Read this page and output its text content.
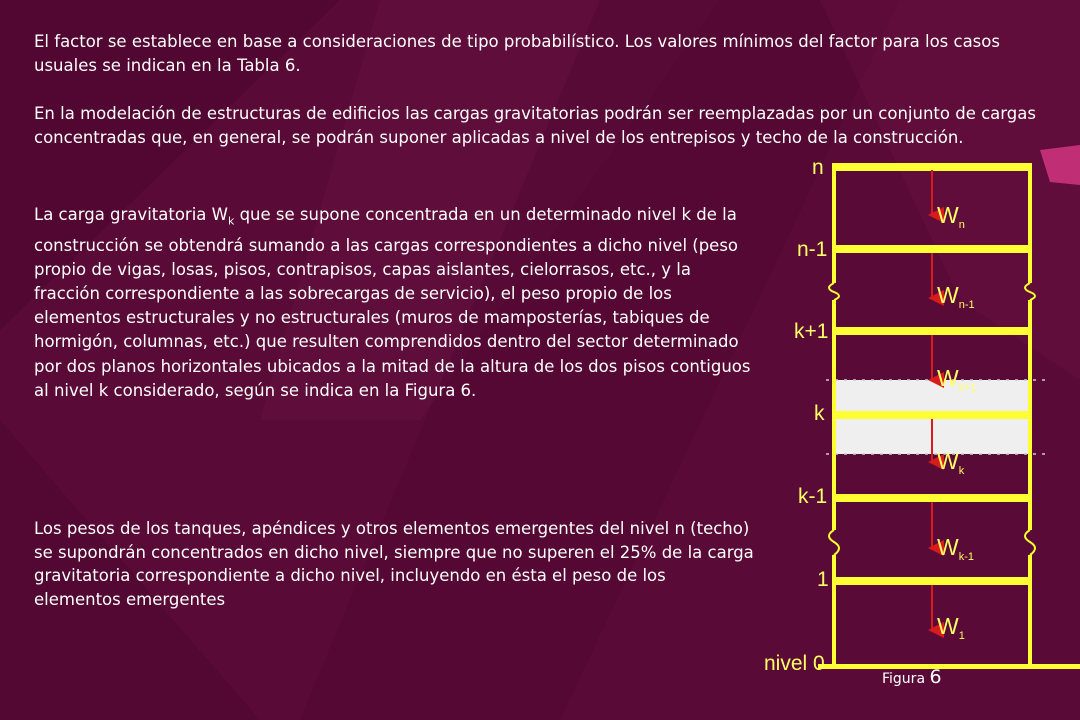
El factor se establece en base a consideraciones de tipo probabilístico. Los valores mínimos del factor para los casos usuales se indican en la Tabla 6.
En la modelación de estructuras de edificios las cargas gravitatorias podrán ser reemplazadas por un conjunto de cargas concentradas que, en general, se podrán suponer aplicadas a nivel de los entrepisos y techo de la construcción.
La carga gravitatoria $W_k$ que se supone concentrada en un determinado nivel k de la construcción se obtendrá sumando a las cargas correspondientes a dicho nivel (peso propio de vigas, losas, pisos, contrapisos, capas aislantes, cielorrasos, etc., y la fracción correspondiente a las sobrecargas de servicio), el peso propio de los elementos estructurales y no estructurales (muros de mamposterías, tabiques de hormigón, columnas, etc.) que resulten comprendidos dentro del sector determinado por dos planos horizontales ubicados a la mitad de la altura de los dos pisos contiguos al nivel k considerado, según se indica en la Figura 6.
Los pesos de los tanques, apéndices y otros elementos emergentes del nivel n (techo) se supondrán concentrados en dicho nivel, siempre que no superen el 25% de la carga gravitatoria correspondiente a dicho nivel, incluyendo en ésta el peso de los elementos emergentes
n
n-1
k+1
k
k-1
1
nivel 0
$W_n$
$W_{n-1}$
$W_{k+1}$
$W_k$
$W_{k-1}$
$W_1$
Figura 6
